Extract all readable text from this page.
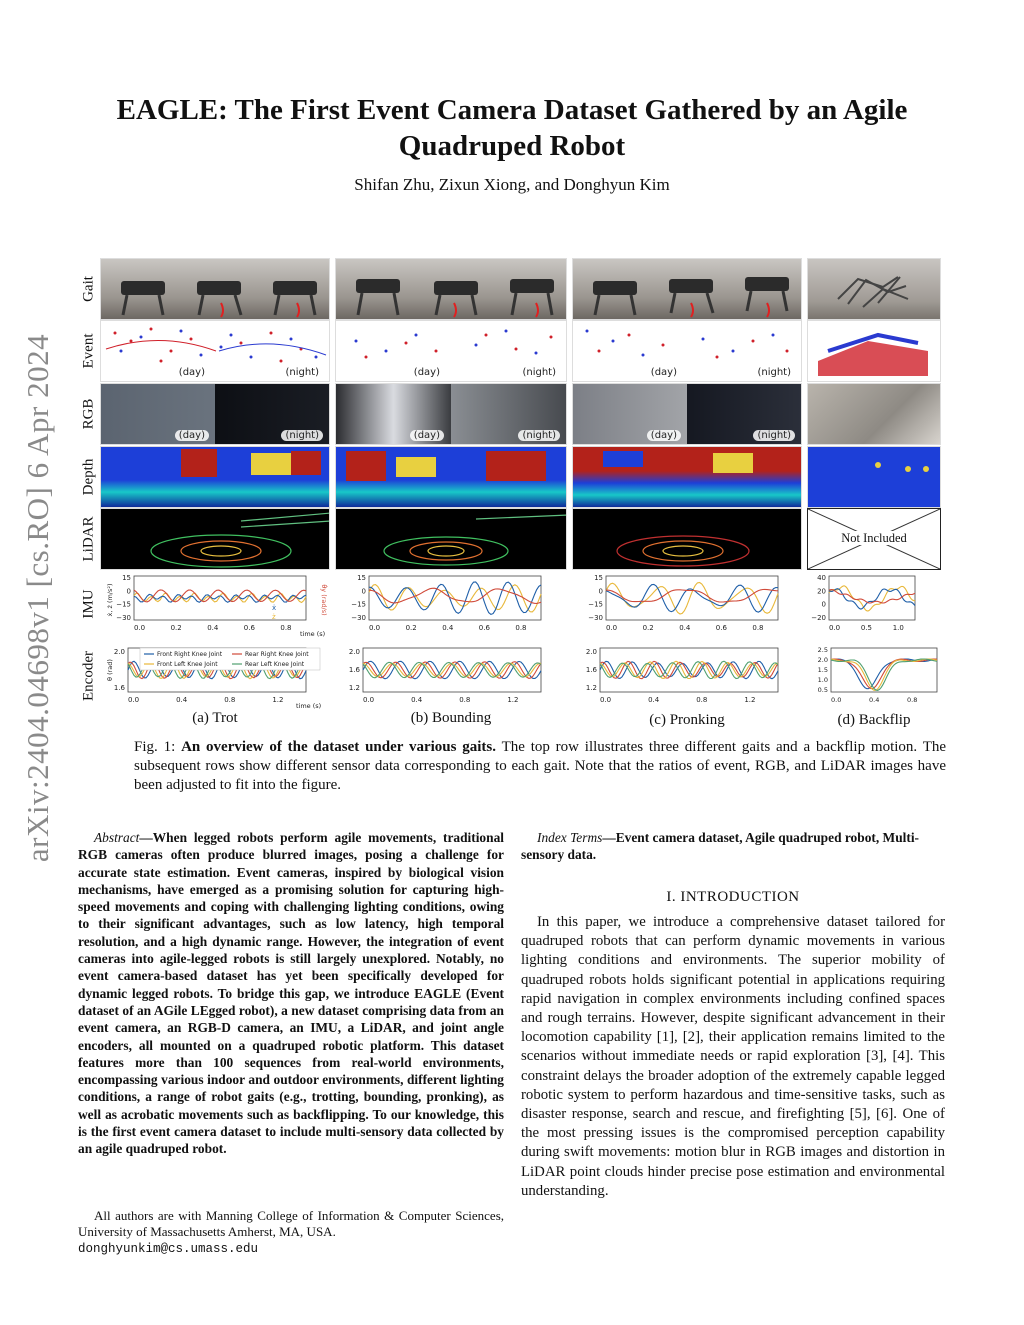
arXiv:2404.04698v1 [cs.RO] 6 Apr 2024
EAGLE: The First Event Camera Dataset Gathered by an Agile Quadruped Robot
Shifan Zhu, Zixun Xiong, and Donghyun Kim
Gait
Event
RGB
Depth
LiDAR
IMU
Encoder
(day)	(night)	(day)	(night)	(day)	(night)
(day)	(night)	(day)	(night)	(day)	(night)
Not Included
15
0
−15
−30
0.0	0.2	0.4	0.6	0.8
time (s)
ẋ
ż
ẋ, ż (m/s²)	θ̇y (rad/s)
15
0
−15
−30
0.0	0.2	0.4	0.6	0.8
15
0
−15
−30
0.0	0.2	0.4	0.6	0.8
40
20
0
−20
0.0	0.5	1.0
2.0
1.6
0.0	0.4	0.8	1.2
Front Right Knee Joint	Rear Right Knee Joint
Front Left Knee Joint	Rear Left Knee Joint
time (s)
θ (rad)
2.0
1.6
1.2
0.0	0.4	0.8	1.2
2.0
1.6
1.2
0.0	0.4	0.8	1.2
2.5
2.0
1.5
1.0
0.5
0.0	0.4	0.8
(a) Trot	(b) Bounding	(c) Pronking	(d) Backflip
Fig. 1: An overview of the dataset under various gaits. The top row illustrates three different gaits and a backflip motion. The subsequent rows show different sensor data corresponding to each gait. Note that the ratios of event, RGB, and LiDAR images have been adjusted to fit into the figure.
Abstract—When legged robots perform agile movements, traditional RGB cameras often produce blurred images, posing a challenge for accurate state estimation. Event cameras, inspired by biological vision mechanisms, have emerged as a promising solution for capturing high-speed movements and coping with challenging lighting conditions, owing to their significant advantages, such as low latency, high temporal resolution, and a high dynamic range. However, the integration of event cameras into agile-legged robots is still largely unexplored. Notably, no event camera-based dataset has yet been specifically developed for dynamic legged robots. To bridge this gap, we introduce EAGLE (Event dataset of an AGile LEgged robot), a new dataset comprising data from an event camera, an RGB-D camera, an IMU, a LiDAR, and joint angle encoders, all mounted on a quadruped robotic platform. This dataset features more than 100 sequences from real-world environments, encompassing various indoor and outdoor environments, different lighting conditions, a range of robot gaits (e.g., trotting, bounding, pronking), as well as acrobatic movements such as backflipping. To our knowledge, this is the first event camera dataset to include multi-sensory data collected by an agile quadruped robot.
All authors are with Manning College of Information & Computer Sciences, University of Massachusetts Amherst, MA, USA.
donghyunkim@cs.umass.edu
Index Terms—Event camera dataset, Agile quadruped robot, Multi-sensory data.
I. INTRODUCTION
In this paper, we introduce a comprehensive dataset tailored for quadruped robots that can perform dynamic movements in various lighting conditions and environments. The superior mobility of quadruped robots holds significant potential in applications requiring rapid navigation in complex environments including confined spaces and rough terrains. However, despite significant advancement in their locomotion capability [1], [2], their application remains limited to the scenarios without immediate needs or rapid exploration [3], [4]. This constraint delays the broader adoption of the extremely capable legged robotic system to perform hazardous and time-sensitive tasks, such as disaster response, search and rescue, and firefighting [5], [6]. One of the most pressing issues is the compromised perception capability during swift movements: motion blur in RGB images and distortion in LiDAR point clouds hinder precise pose estimation and environmental understanding.
